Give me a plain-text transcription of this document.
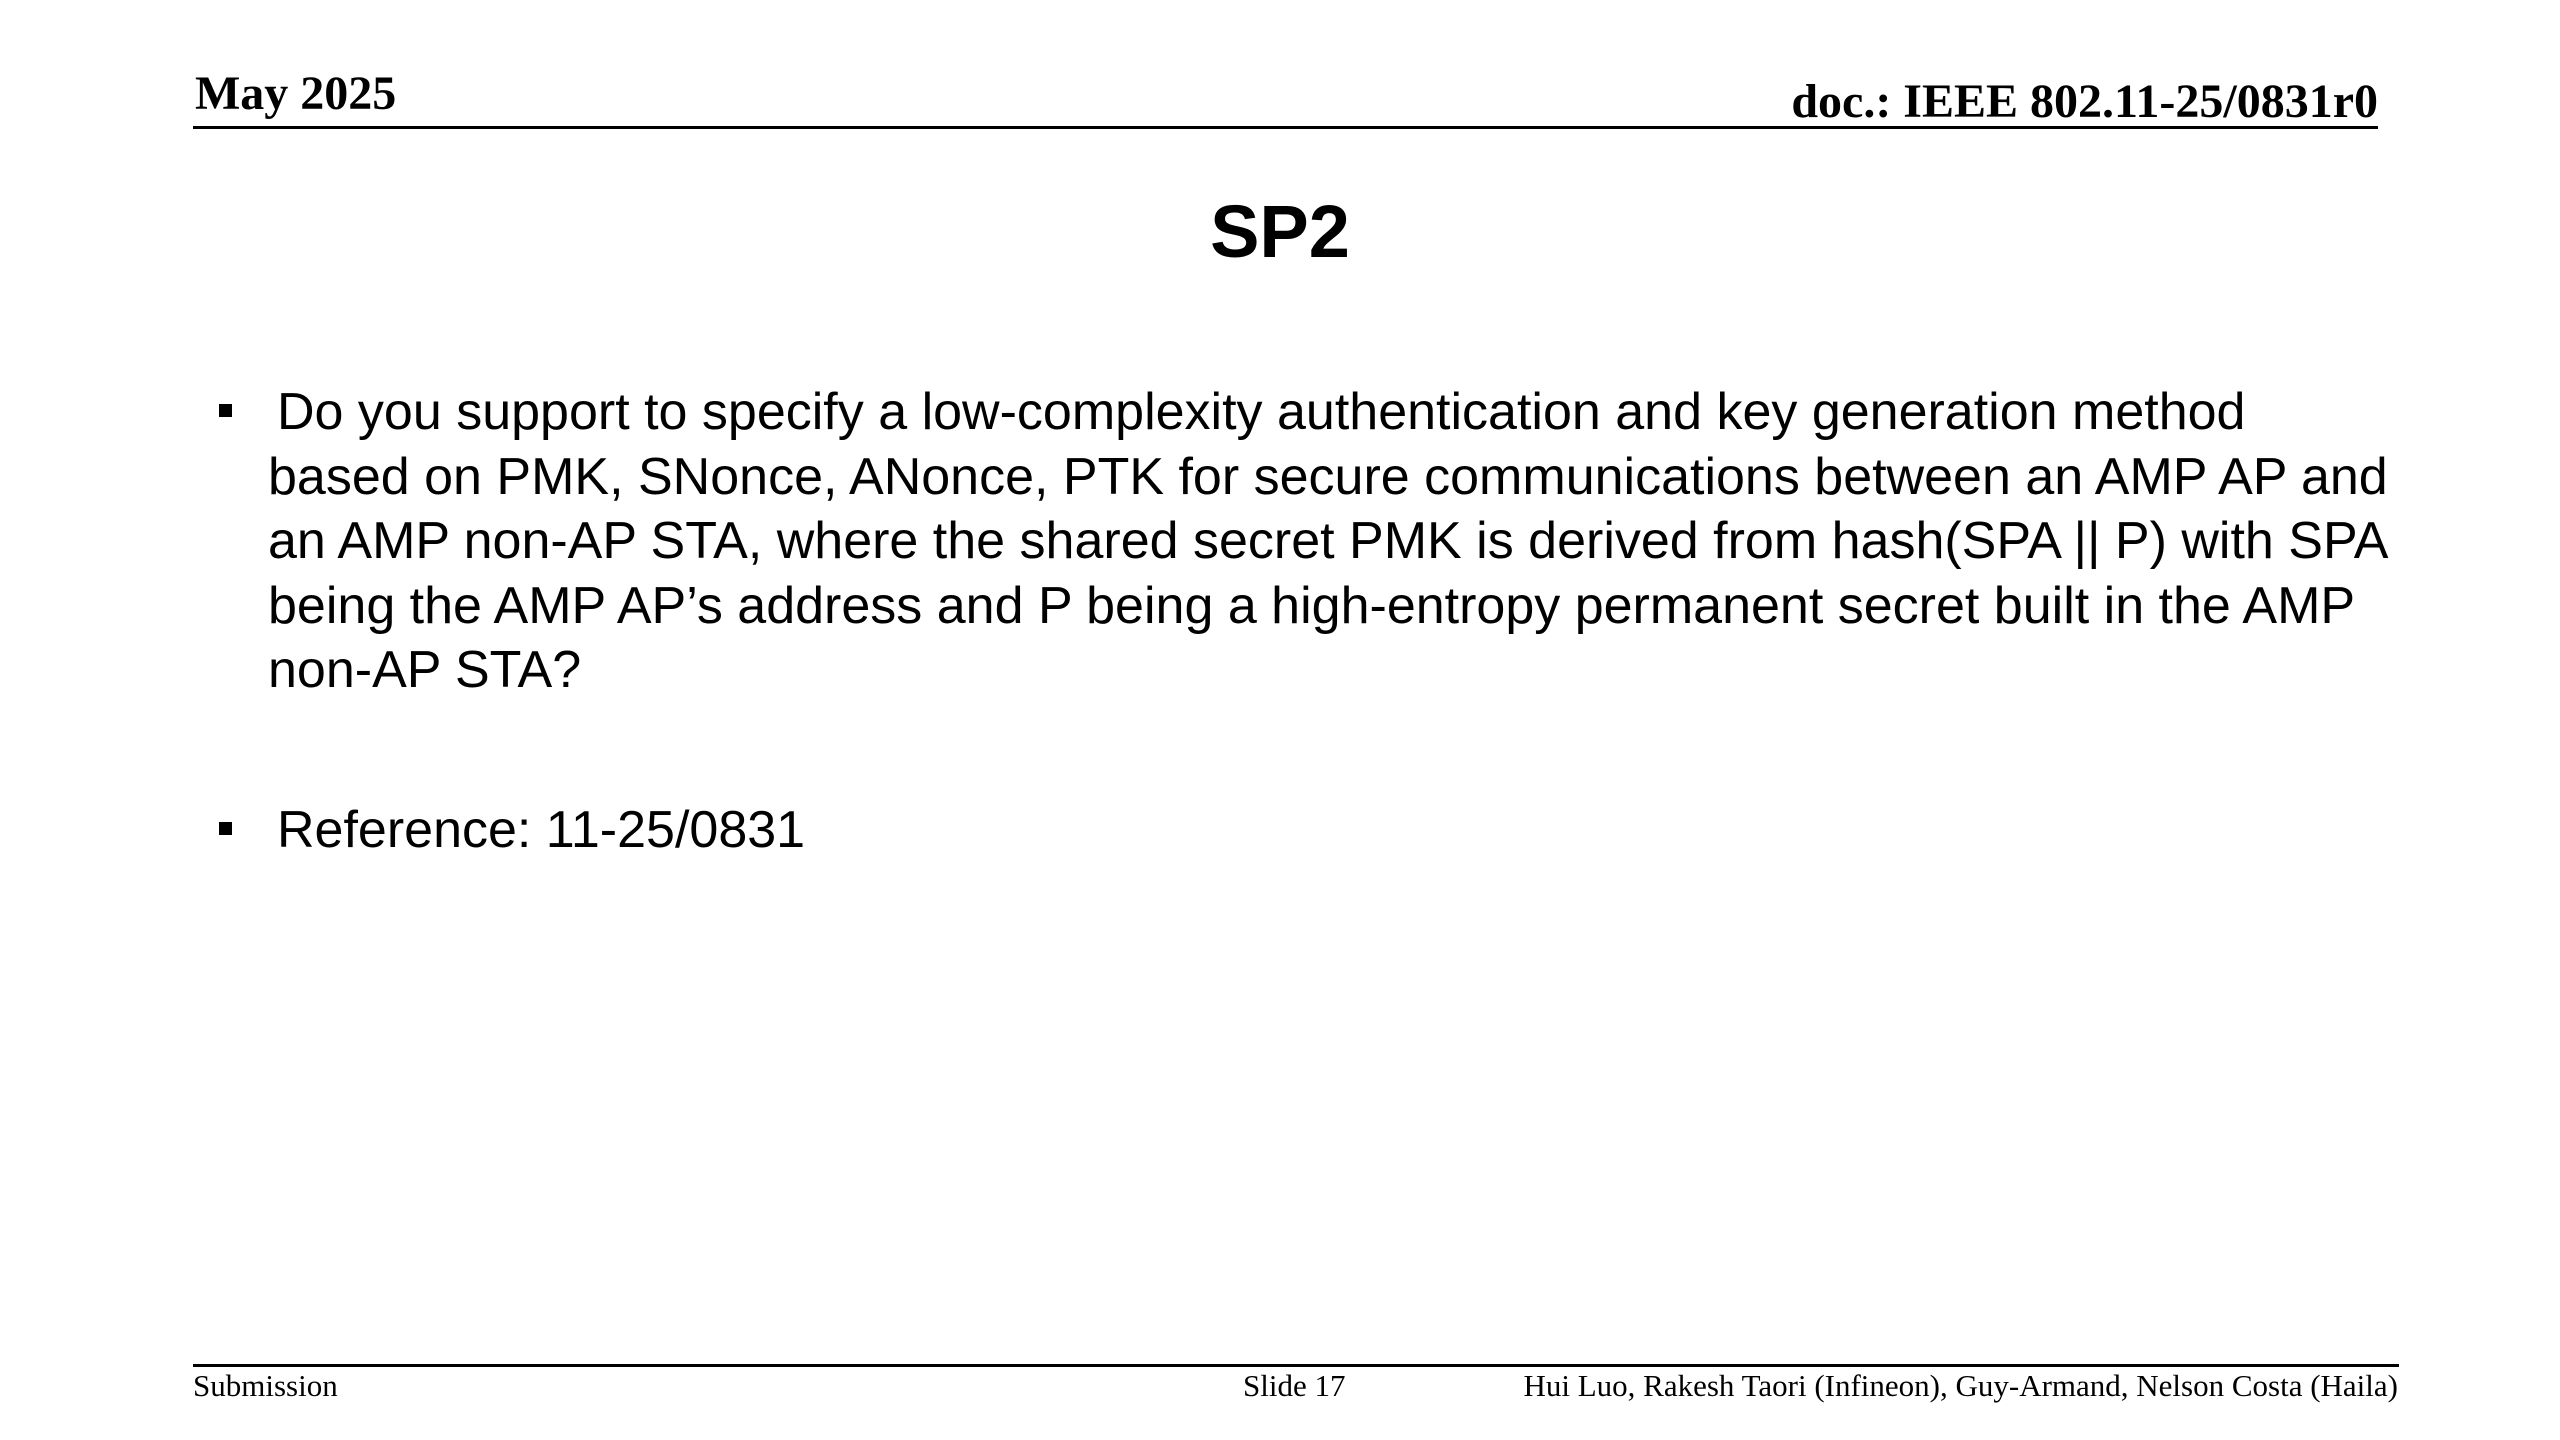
May 2025	doc.: IEEE 802.11-25/0831r0
SP2
Do you support to specify a low-complexity authentication and key generation method based on PMK, SNonce, ANonce, PTK for secure communications between an AMP AP and an AMP non-AP STA, where the shared secret PMK is derived from hash(SPA || P) with SPA being the AMP AP’s address and P being a high-entropy permanent secret built in the AMP non-AP STA?
Reference: 11-25/0831
Submission	Slide 17	Hui Luo, Rakesh Taori (Infineon), Guy-Armand, Nelson Costa (Haila)
